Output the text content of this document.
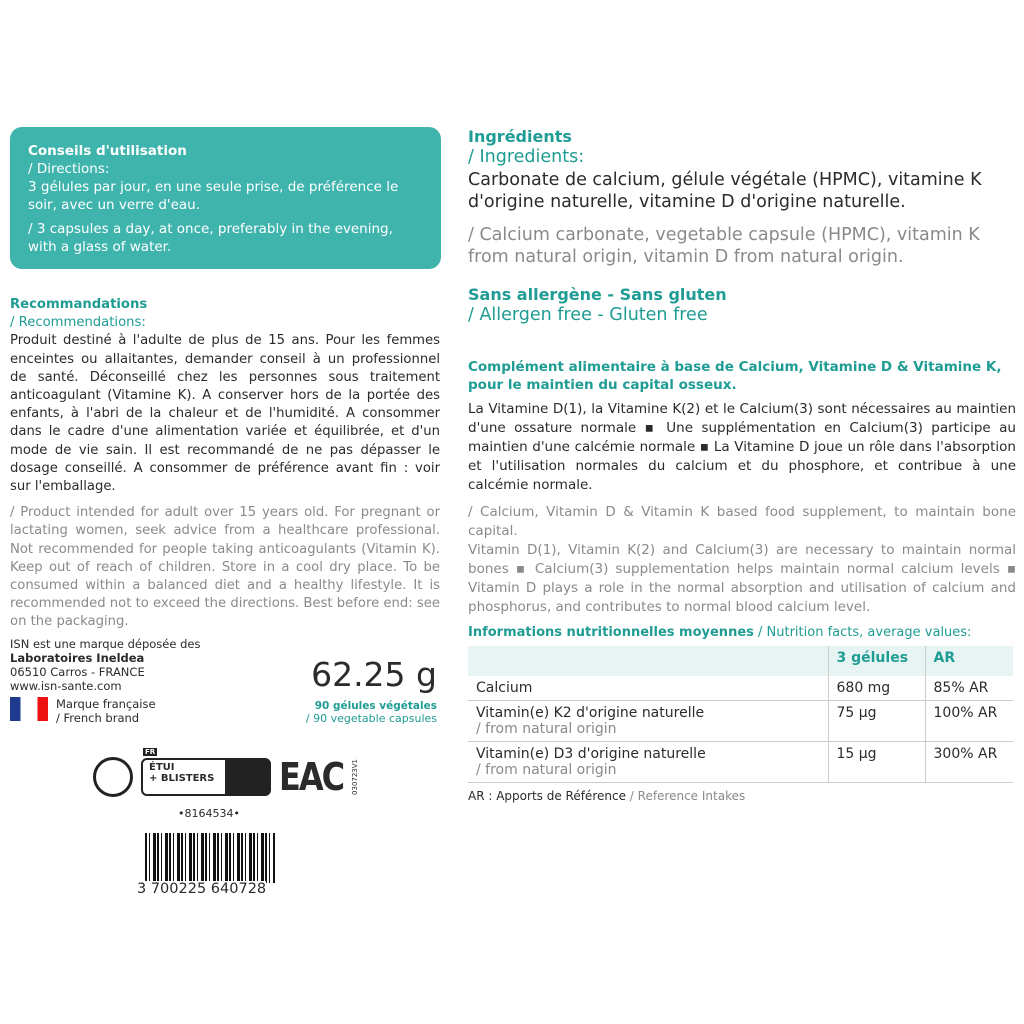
Conseils d'utilisation
/ Directions:

3 gélules par jour, en une seule prise, de préférence le soir, avec un verre d'eau.

/ 3 capsules a day, at once, preferably in the evening, with a glass of water.

Recommandations
/ Recommendations:

Produit destiné à l'adulte de plus de 15 ans. Pour les femmes enceintes ou allaitantes, demander conseil à un professionnel de santé. Déconseillé chez les personnes sous traitement anticoagulant (Vitamine K). A conserver hors de la portée des enfants, à l'abri de la chaleur et de l'humidité. A consommer dans le cadre d'une alimentation variée et équilibrée, et d'un mode de vie sain. Il est recommandé de ne pas dépasser le dosage conseillé. A consommer de préférence avant fin : voir sur l'emballage.

/ Product intended for adult over 15 years old. For pregnant or lactating women, seek advice from a healthcare professional. Not recommended for people taking anticoagulants (Vitamin K). Keep out of reach of children. Store in a cool dry place. To be consumed within a balanced diet and a healthy lifestyle. It is recommended not to exceed the directions. Best before end: see on the packaging.

ISN est une marque déposée des
Laboratoires Ineldea
06510 Carros - FRANCE
www.isn-sante.com
Marque française
/ French brand
62.25 g
90 gélules végétales
/ 90 vegetable capsules
FR
ÉTUI
+ BLISTERS	EAC 030723V1
•8164534•
3 700225 640728
Ingrédients
/ Ingredients:

Carbonate de calcium, gélule végétale (HPMC), vitamine K d'origine naturelle, vitamine D d'origine naturelle.

/ Calcium carbonate, vegetable capsule (HPMC), vitamin K from natural origin, vitamin D from natural origin.

Sans allergène - Sans gluten
/ Allergen free - Gluten free

Complément alimentaire à base de Calcium, Vitamine D & Vitamine K, pour le maintien du capital osseux.

La Vitamine D(1), la Vitamine K(2) et le Calcium(3) sont nécessaires au maintien d'une ossature normale ▪ Une supplémentation en Calcium(3) participe au maintien d'une calcémie normale ▪ La Vitamine D joue un rôle dans l'absorption et l'utilisation normales du calcium et du phosphore, et contribue à une calcémie normale.

/ Calcium, Vitamin D & Vitamin K based food supplement, to maintain bone capital.

Vitamin D(1), Vitamin K(2) and Calcium(3) are necessary to maintain normal bones ▪ Calcium(3) supplementation helps maintain normal calcium levels ▪ Vitamin D plays a role in the normal absorption and utilisation of calcium and phosphorus, and contributes to normal blood calcium level.

Informations nutritionnelles moyennes / Nutrition facts, average values:
	3 gélules	AR
Calcium	680 mg	85% AR

Vitamin(e) K2 d'origine naturelle
/ from natural origin	75 µg	100% AR

Vitamin(e) D3 d'origine naturelle
/ from natural origin	15 µg	300% AR
AR : Apports de Référence / Reference Intakes
